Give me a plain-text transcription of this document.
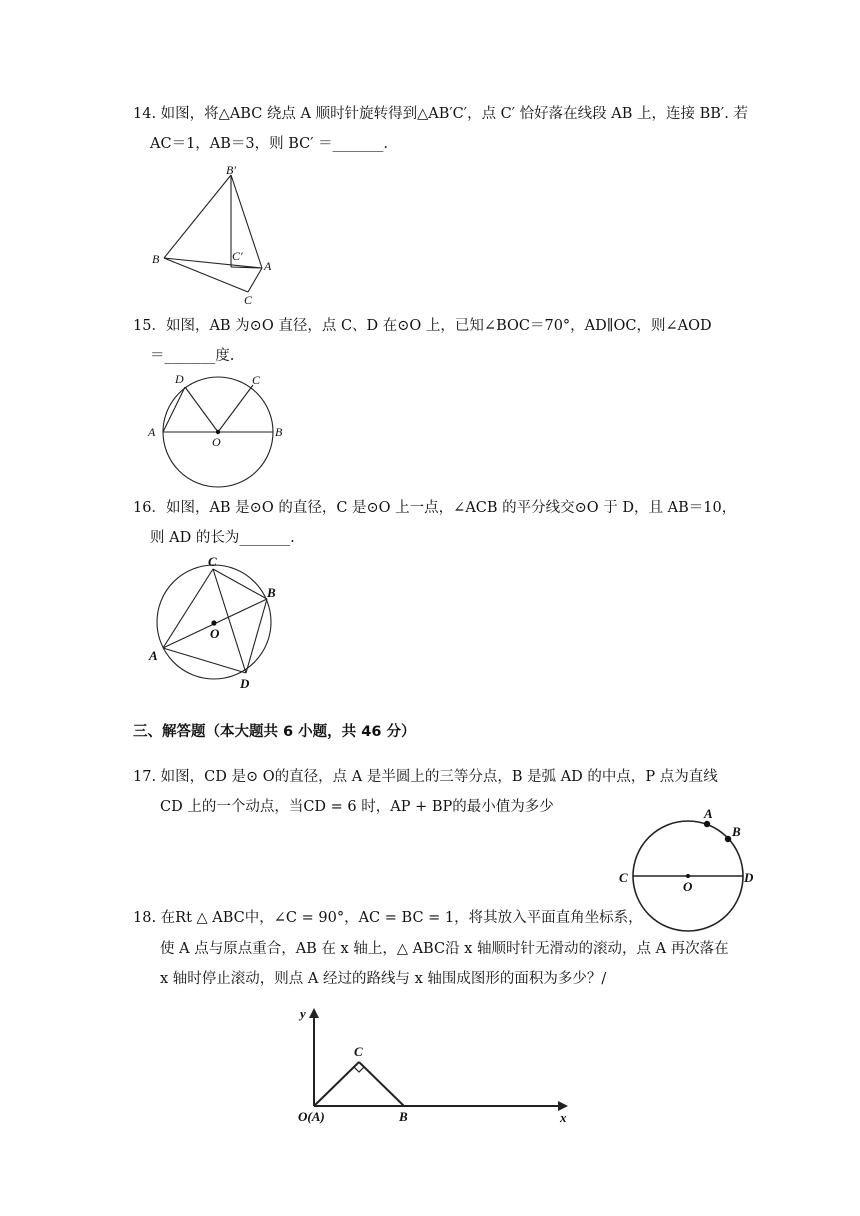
14. 如图，将△ABC 绕点 A 顺时针旋转得到△AB′C′，点 C′ 恰好落在线段 AB 上，连接 BB′. 若
AC＝1，AB＝3，则 BC′ ＝_______.
B′
B	C′
A
C
15．如图，AB 为⊙O 直径，点 C、D 在⊙O 上，已知∠BOC＝70°，AD∥OC，则∠AOD
＝_______度.
D	C
A
O
B
16．如图，AB 是⊙O 的直径，C 是⊙O 上一点，∠ACB 的平分线交⊙O 于 D，且 AB＝10，
则 AD 的长为_______.
C
B
O
A
D
三、解答题（本大题共 6 小题，共 46 分）
17. 如图，CD 是⊙ O的直径，点 A 是半圆上的三等分点，B 是弧 AD 的中点，P 点为直线
CD 上的一个动点，当CD = 6 时，AP + BP的最小值为多少	A
B
C
O
D
18. 在Rt △ ABC中，∠C = 90°，AC = BC = 1，将其放入平面直角坐标系，
使 A 点与原点重合，AB 在 x 轴上，△ ABC沿 x 轴顺时针无滑动的滚动，点 A 再次落在
x 轴时停止滚动，则点 A 经过的路线与 x 轴围成图形的面积为多少？/
y
C
O(A)	B	x
